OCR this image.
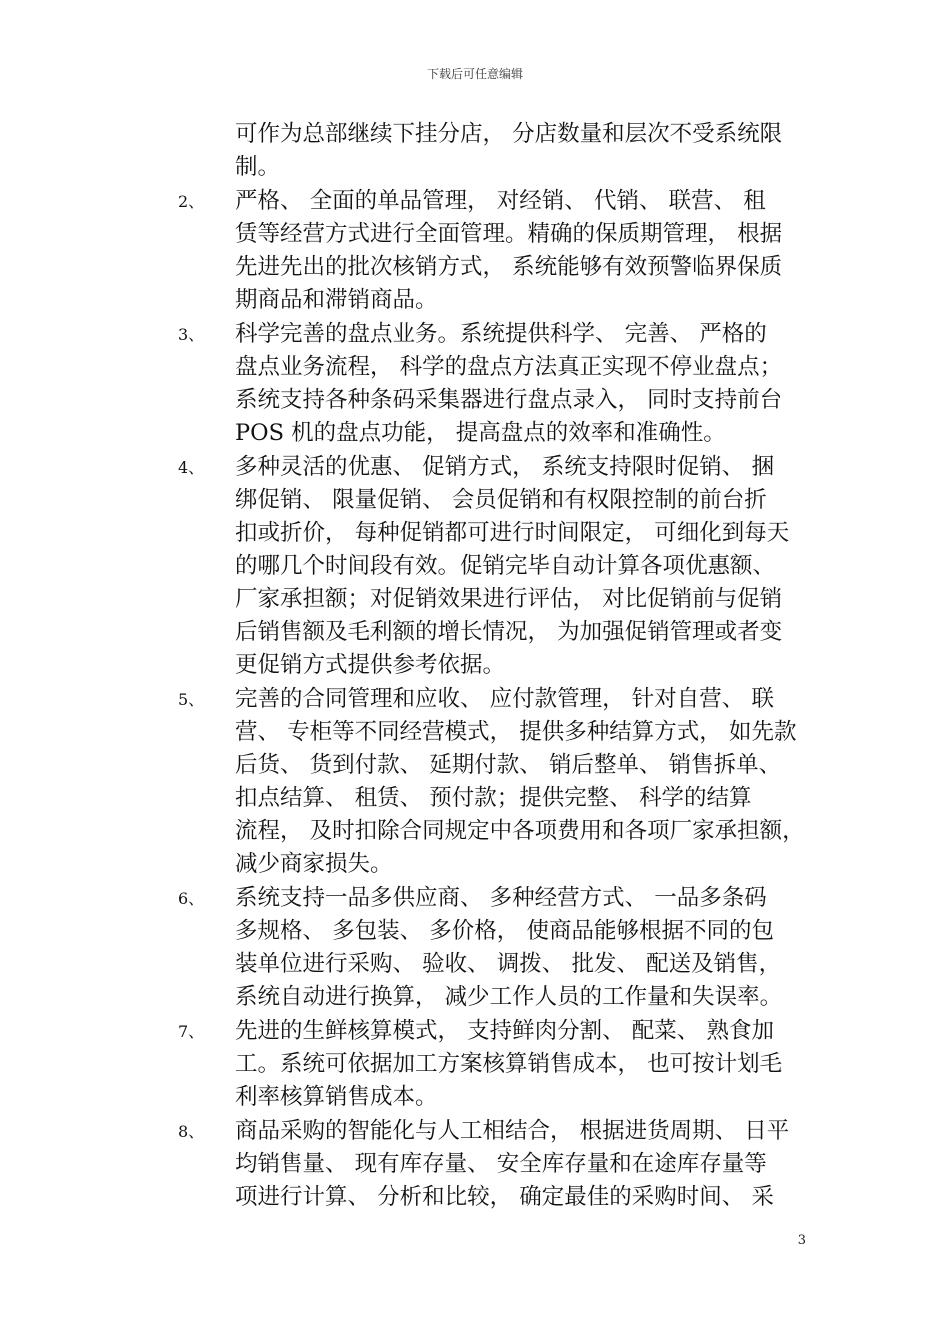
下载后可任意编辑
可作为总部继续下挂分店， 分店数量和层次不受系统限
制。
2、 严格、 全面的单品管理， 对经销、 代销、 联营、 租
赁等经营方式进行全面管理。精确的保质期管理， 根据
先进先出的批次核销方式， 系统能够有效预警临界保质
期商品和滞销商品。
3、 科学完善的盘点业务。系统提供科学、 完善、 严格的
盘点业务流程， 科学的盘点方法真正实现不停业盘点；
系统支持各种条码采集器进行盘点录入， 同时支持前台
POS 机的盘点功能， 提高盘点的效率和准确性。
4、 多种灵活的优惠、 促销方式， 系统支持限时促销、 捆
绑促销、 限量促销、 会员促销和有权限控制的前台折
扣或折价， 每种促销都可进行时间限定， 可细化到每天
的哪几个时间段有效。促销完毕自动计算各项优惠额、
厂家承担额；对促销效果进行评估， 对比促销前与促销
后销售额及毛利额的增长情况， 为加强促销管理或者变
更促销方式提供参考依据。
5、 完善的合同管理和应收、 应付款管理， 针对自营、 联
营、 专柜等不同经营模式， 提供多种结算方式， 如先款
后货、 货到付款、 延期付款、 销后整单、 销售拆单、
扣点结算、 租赁、 预付款；提供完整、 科学的结算
流程， 及时扣除合同规定中各项费用和各项厂家承担额，
减少商家损失。
6、 系统支持一品多供应商、 多种经营方式、 一品多条码
多规格、 多包装、 多价格， 使商品能够根据不同的包
装单位进行采购、 验收、 调拨、 批发、 配送及销售，
系统自动进行换算， 减少工作人员的工作量和失误率。
7、 先进的生鲜核算模式， 支持鲜肉分割、 配菜、 熟食加
工。系统可依据加工方案核算销售成本， 也可按计划毛
利率核算销售成本。
8、 商品采购的智能化与人工相结合， 根据进货周期、 日平
均销售量、 现有库存量、 安全库存量和在途库存量等
项进行计算、 分析和比较， 确定最佳的采购时间、 采
3
